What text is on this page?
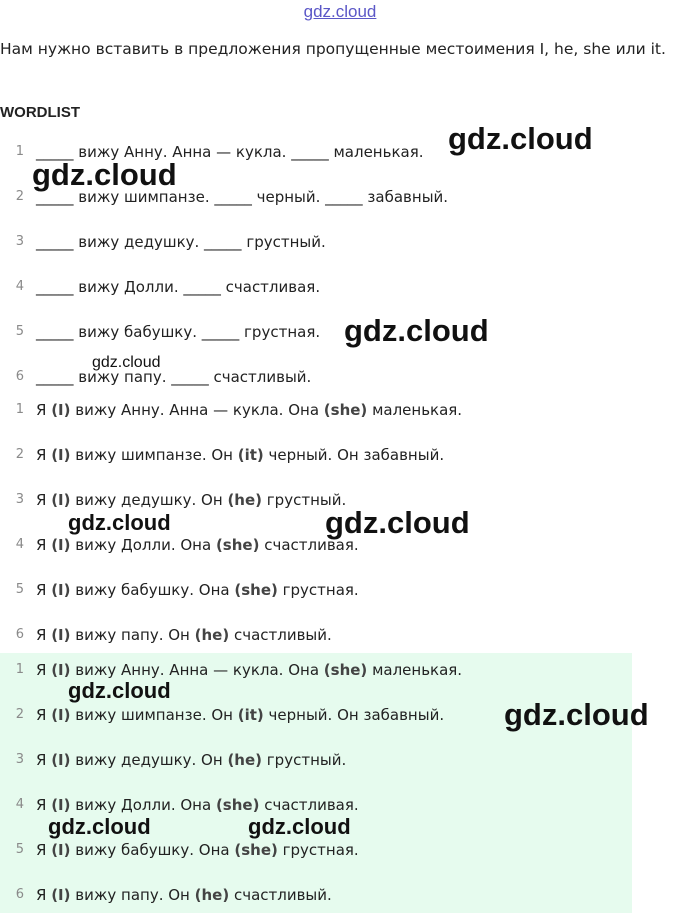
gdz.cloud

Нам нужно вставить в предложения пропущенные местоимения I, he, she или it.

WORDLIST
1 _____ вижу Анну. Анна — кукла. _____ маленькая.
2 _____ вижу шимпанзе. _____ черный. _____ забавный.
3 _____ вижу дедушку. _____ грустный.
4 _____ вижу Долли. _____ счастливая.
5 _____ вижу бабушку. _____ грустная.
6 _____ вижу папу. _____ счастливый.
1 Я (I) вижу Анну. Анна — кукла. Она (she) маленькая.
2 Я (I) вижу шимпанзе. Он (it) черный. Он забавный.
3 Я (I) вижу дедушку. Он (he) грустный.
4 Я (I) вижу Долли. Она (she) счастливая.
5 Я (I) вижу бабушку. Она (she) грустная.
6 Я (I) вижу папу. Он (he) счастливый.
1 Я (I) вижу Анну. Анна — кукла. Она (she) маленькая.
2 Я (I) вижу шимпанзе. Он (it) черный. Он забавный.
3 Я (I) вижу дедушку. Он (he) грустный.
4 Я (I) вижу Долли. Она (she) счастливая.
5 Я (I) вижу бабушку. Она (she) грустная.
6 Я (I) вижу папу. Он (he) счастливый.
gdz.cloud
gdz.cloud
gdz.cloud
gdz.cloud
gdz.cloud	gdz.cloud
gdz.cloud
gdz.cloud
gdz.cloud	gdz.cloud
